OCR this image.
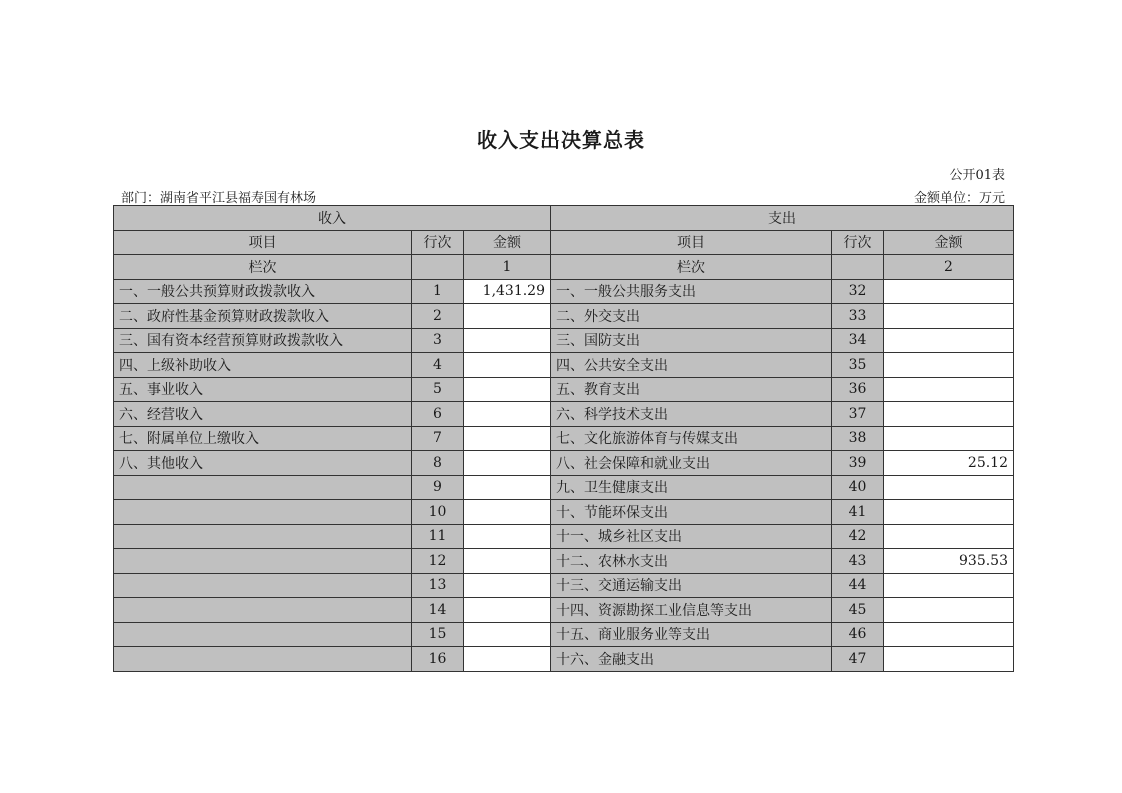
收入支出决算总表
公开01表
部门：湖南省平江县福寿国有林场	金额单位：万元
收入			支出		
项目	行次	金额	项目	行次	金额
栏次		1	栏次		2
一、一般公共预算财政拨款收入	1	1,431.29	一、一般公共服务支出	32	
二、政府性基金预算财政拨款收入	2		二、外交支出	33	
三、国有资本经营预算财政拨款收入	3		三、国防支出	34	
四、上级补助收入	4		四、公共安全支出	35	
五、事业收入	5		五、教育支出	36	
六、经营收入	6		六、科学技术支出	37	
七、附属单位上缴收入	7		七、文化旅游体育与传媒支出	38	
八、其他收入	8		八、社会保障和就业支出	39	25.12
	9		九、卫生健康支出	40	
	10		十、节能环保支出	41	
	11		十一、城乡社区支出	42	
	12		十二、农林水支出	43	935.53
	13		十三、交通运输支出	44	
	14		十四、资源勘探工业信息等支出	45	
	15		十五、商业服务业等支出	46	
	16		十六、金融支出	47	
